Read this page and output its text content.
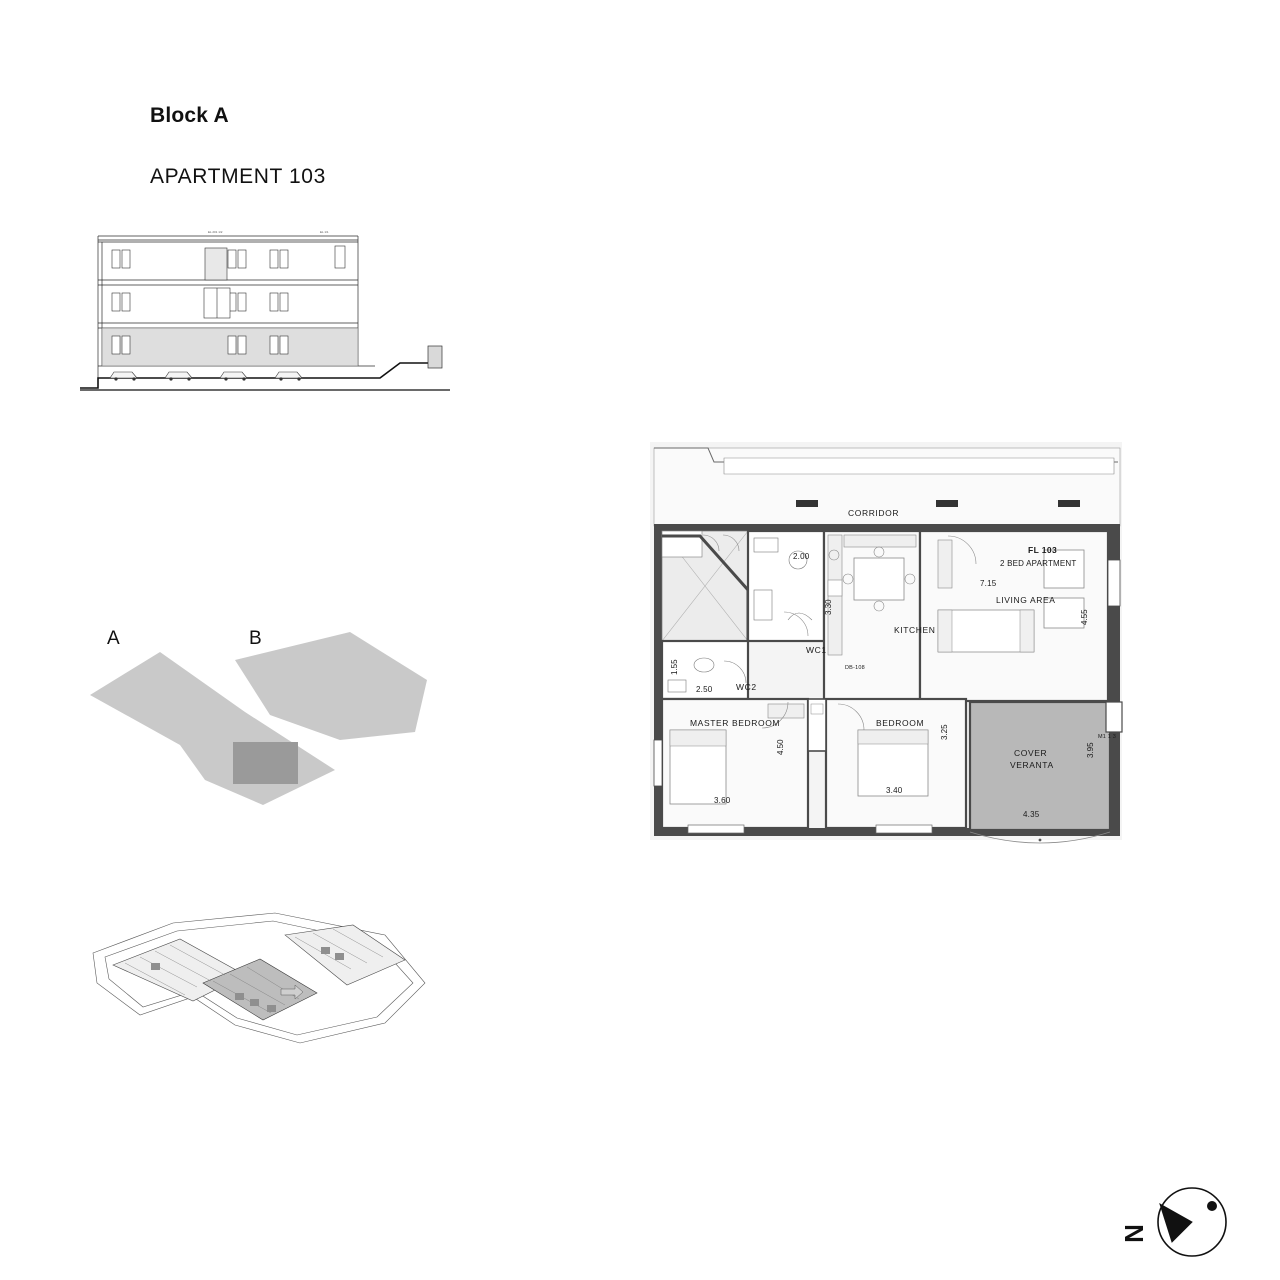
Block A
APARTMENT 103
EL 201 1/2	EL 1/1
A	B
CORRIDOR
KITCHEN
LIVING AREA
WC1
WC2
MASTER BEDROOM	BEDROOM
COVER
VERANTA
FL 103
2 BED APARTMENT
DB-108
M1 1 3
2.00
3.30
7.15
4.55
1.55
2.50
3.60
4.50
3.40
3.25
4.35
3.95
N
